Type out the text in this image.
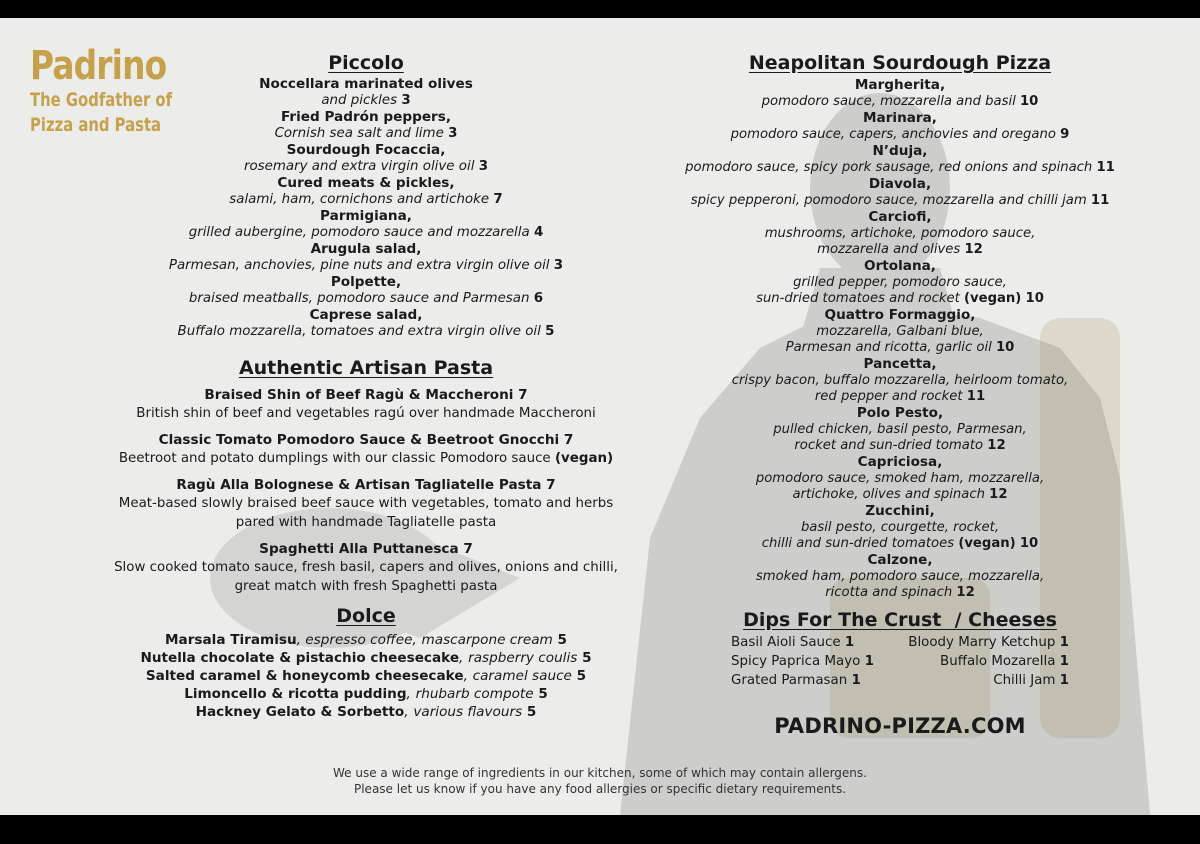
Padrino
The Godfather of
Pizza and Pasta
Piccolo
Noccellara marinated olives
and pickles 3
Fried Padrón peppers,
Cornish sea salt and lime 3
Sourdough Focaccia,
rosemary and extra virgin olive oil 3
Cured meats & pickles,
salami, ham, cornichons and artichoke 7
Parmigiana,
grilled aubergine, pomodoro sauce and mozzarella 4
Arugula salad,
Parmesan, anchovies, pine nuts and extra virgin olive oil 3
Polpette,
braised meatballs, pomodoro sauce and Parmesan 6
Caprese salad,
Buffalo mozzarella, tomatoes and extra virgin olive oil 5
Authentic Artisan Pasta
Braised Shin of Beef Ragù & Maccheroni 7
British shin of beef and vegetables ragú over handmade Maccheroni
Classic Tomato Pomodoro Sauce & Beetroot Gnocchi 7
Beetroot and potato dumplings with our classic Pomodoro sauce (vegan)
Ragù Alla Bolognese & Artisan Tagliatelle Pasta 7
Meat-based slowly braised beef sauce with vegetables, tomato and herbs
pared with handmade Tagliatelle pasta
Spaghetti Alla Puttanesca 7
Slow cooked tomato sauce, fresh basil, capers and olives, onions and chilli,
great match with fresh Spaghetti pasta
Dolce
Marsala Tiramisu, espresso coffee, mascarpone cream 5
Nutella chocolate & pistachio cheesecake, raspberry coulis 5
Salted caramel & honeycomb cheesecake, caramel sauce 5
Limoncello & ricotta pudding, rhubarb compote 5
Hackney Gelato & Sorbetto, various flavours 5
Neapolitan Sourdough Pizza
Margherita,
pomodoro sauce, mozzarella and basil 10
Marinara,
pomodoro sauce, capers, anchovies and oregano 9
N’duja,
pomodoro sauce, spicy pork sausage, red onions and spinach 11
Diavola,
spicy pepperoni, pomodoro sauce, mozzarella and chilli jam 11
Carciofi,
mushrooms, artichoke, pomodoro sauce,
mozzarella and olives 12
Ortolana,
grilled pepper, pomodoro sauce,
sun-dried tomatoes and rocket (vegan) 10
Quattro Formaggio,
mozzarella, Galbani blue,
Parmesan and ricotta, garlic oil 10
Pancetta,
crispy bacon, buffalo mozzarella, heirloom tomato,
red pepper and rocket 11
Polo Pesto,
pulled chicken, basil pesto, Parmesan,
rocket and sun-dried tomato 12
Capriciosa,
pomodoro sauce, smoked ham, mozzarella,
artichoke, olives and spinach 12
Zucchini,
basil pesto, courgette, rocket,
chilli and sun-dried tomatoes (vegan) 10
Calzone,
smoked ham, pomodoro sauce, mozzarella,
ricotta and spinach 12
Dips For The Crust  / Cheeses
Basil Aioli Sauce 1	Bloody Marry Ketchup 1
Spicy Paprica Mayo 1	Buffalo Mozarella 1
Grated Parmasan 1	Chilli Jam 1
PADRINO-PIZZA.COM
We use a wide range of ingredients in our kitchen, some of which may contain allergens.
Please let us know if you have any food allergies or specific dietary requirements.
